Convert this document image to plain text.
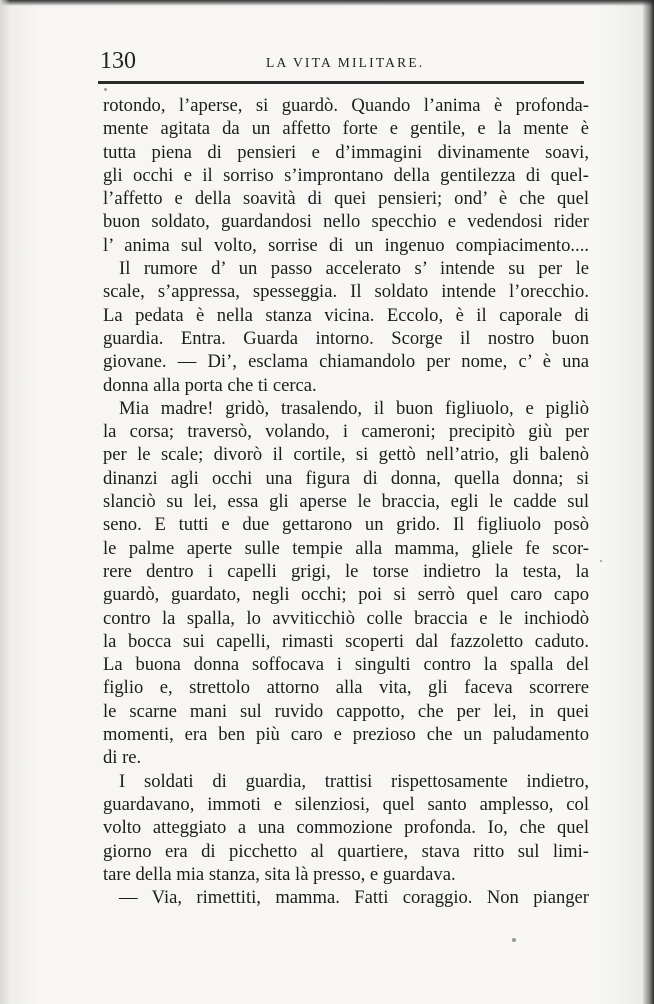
130	LA VITA MILITARE.
rotondo, l’aperse, si guardò. Quando l’anima è profonda-
mente agitata da un affetto forte e gentile, e la mente è
tutta piena di pensieri e d’immagini divinamente soavi,
gli occhi e il sorriso s’improntano della gentilezza di quel-
l’affetto e della soavità di quei pensieri; ond’ è che quel
buon soldato, guardandosi nello specchio e vedendosi rider
l’ anima sul volto, sorrise di un ingenuo compiacimento....
Il rumore d’ un passo accelerato s’ intende su per le
scale, s’appressa, spesseggia. Il soldato intende l’orecchio.
La pedata è nella stanza vicina. Eccolo, è il caporale di
guardia. Entra. Guarda intorno. Scorge il nostro buon
giovane. — Di’, esclama chiamandolo per nome, c’ è una
donna alla porta che ti cerca.
Mia madre! gridò, trasalendo, il buon figliuolo, e pigliò
la corsa; traversò, volando, i cameroni; precipitò giù per
per le scale; divorò il cortile, si gettò nell’atrio, gli balenò
dinanzi agli occhi una figura di donna, quella donna; si
slanciò su lei, essa gli aperse le braccia, egli le cadde sul
seno. E tutti e due gettarono un grido. Il figliuolo posò
le palme aperte sulle tempie alla mamma, gliele fe scor-
rere dentro i capelli grigi, le torse indietro la testa, la
guardò, guardato, negli occhi; poi si serrò quel caro capo
contro la spalla, lo avviticchiò colle braccia e le inchiodò
la bocca sui capelli, rimasti scoperti dal fazzoletto caduto.
La buona donna soffocava i singulti contro la spalla del
figlio e, strettolo attorno alla vita, gli faceva scorrere
le scarne mani sul ruvido cappotto, che per lei, in quei
momenti, era ben più caro e prezioso che un paludamento
di re.
I soldati di guardia, trattisi rispettosamente indietro,
guardavano, immoti e silenziosi, quel santo amplesso, col
volto atteggiato a una commozione profonda. Io, che quel
giorno era di picchetto al quartiere, stava ritto sul limi-
tare della mia stanza, sita là presso, e guardava.
— Via, rimettiti, mamma. Fatti coraggio. Non pianger
